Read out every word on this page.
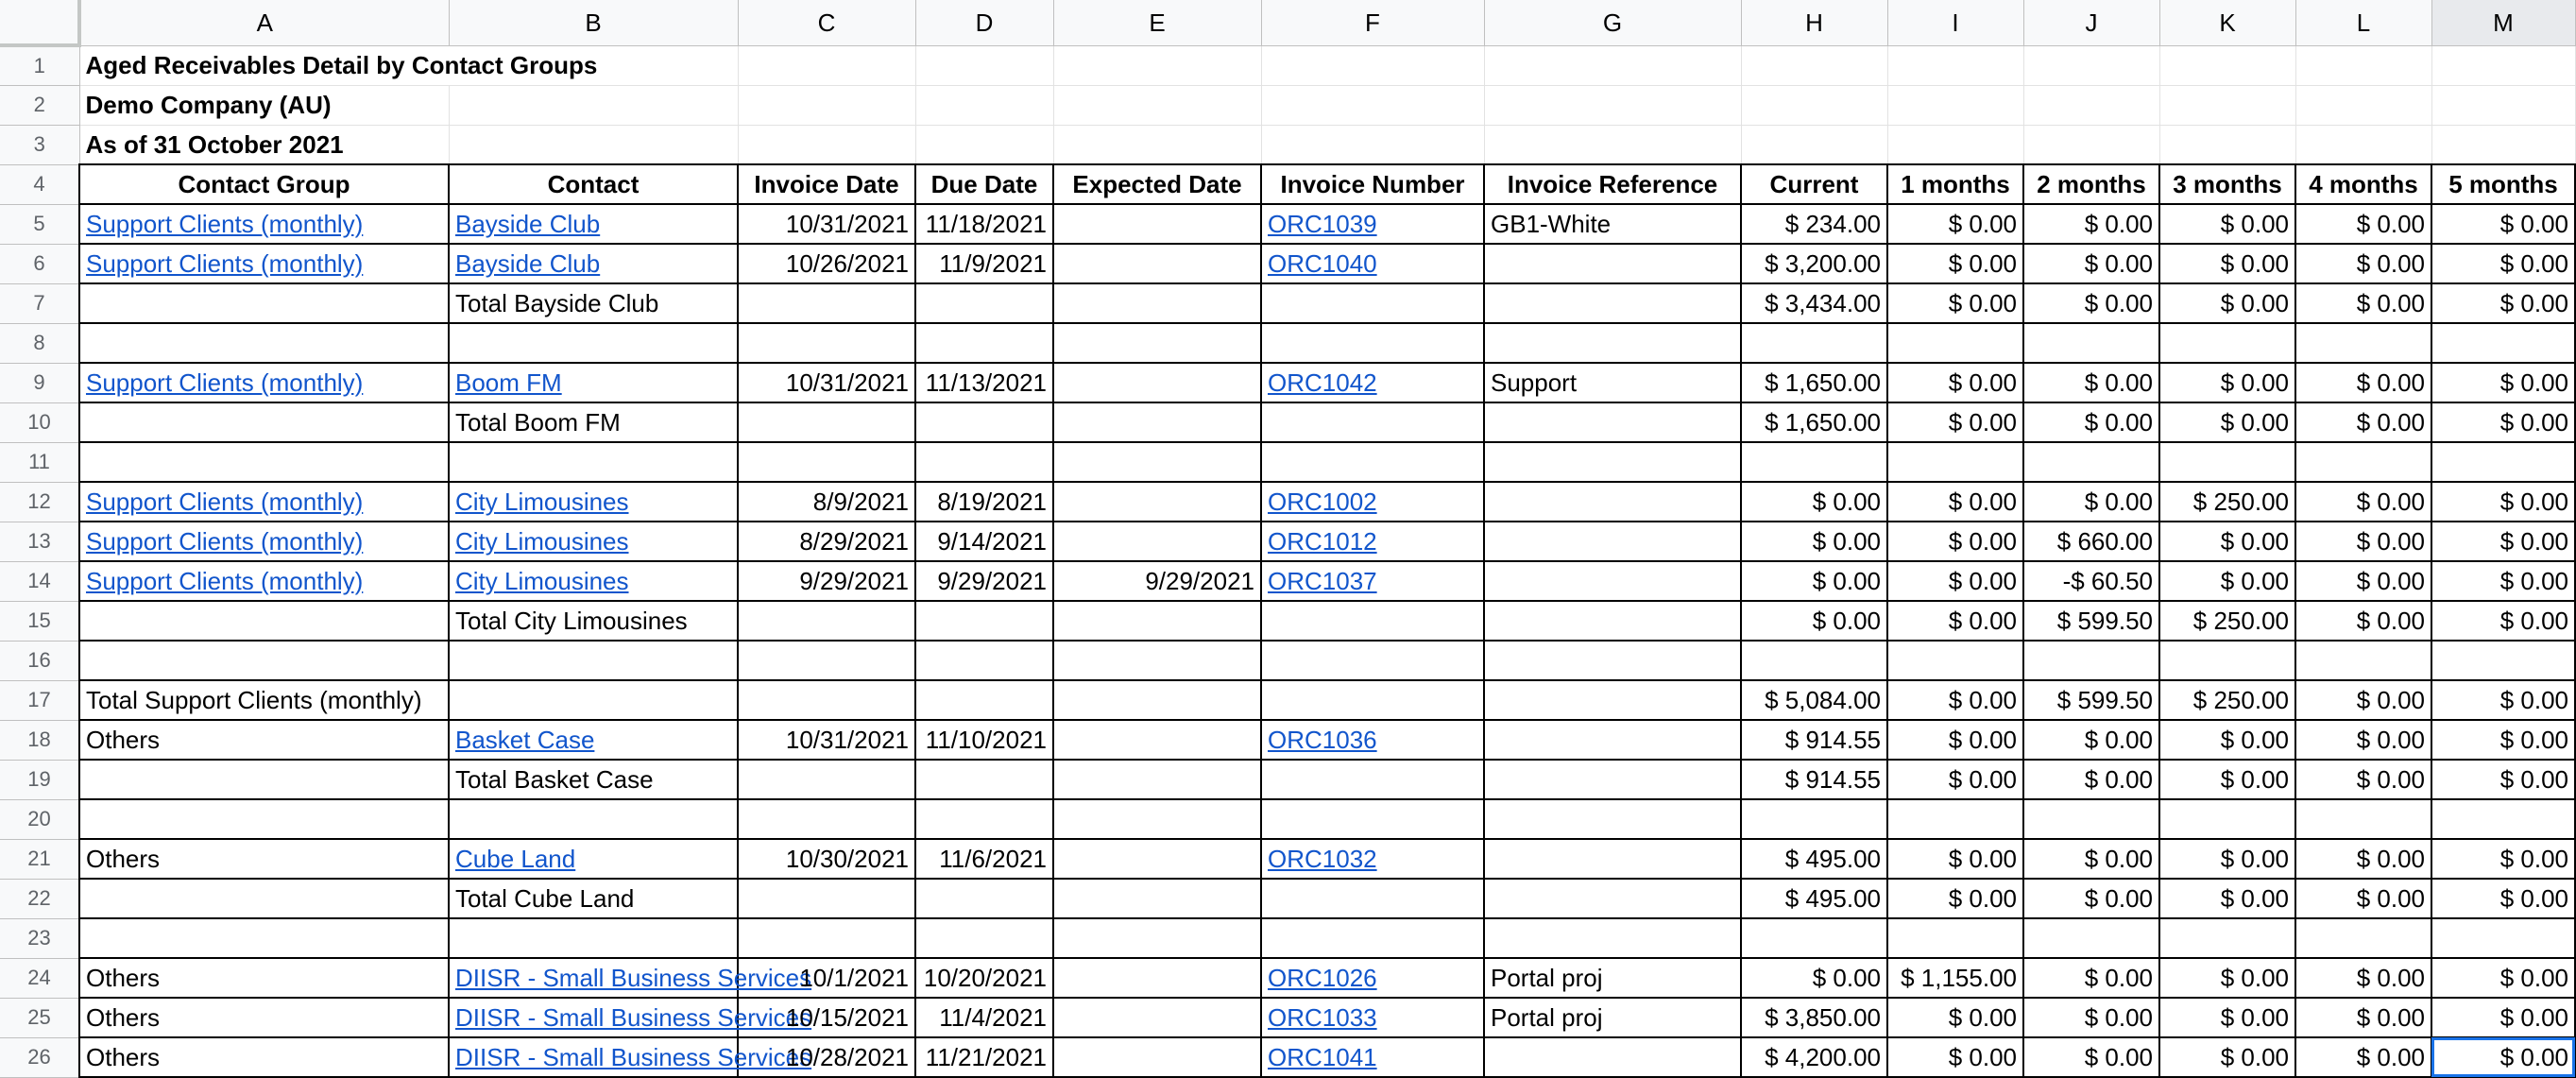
	A	B	C	D	E	F	G	H	I	J	K	L	M
1	Aged Receivables Detail by Contact Groups												
2	Demo Company (AU)												
3	As of 31 October 2021												
4	Contact Group	Contact	Invoice Date	Due Date	Expected Date	Invoice Number	Invoice Reference	Current	1 months	2 months	3 months	4 months	5 months
5	Support Clients (monthly)	Bayside Club	10/31/2021	11/18/2021		ORC1039	GB1-White	$ 234.00	$ 0.00	$ 0.00	$ 0.00	$ 0.00	$ 0.00
6	Support Clients (monthly)	Bayside Club	10/26/2021	11/9/2021		ORC1040		$ 3,200.00	$ 0.00	$ 0.00	$ 0.00	$ 0.00	$ 0.00
7		Total Bayside Club						$ 3,434.00	$ 0.00	$ 0.00	$ 0.00	$ 0.00	$ 0.00
8													
9	Support Clients (monthly)	Boom FM	10/31/2021	11/13/2021		ORC1042	Support	$ 1,650.00	$ 0.00	$ 0.00	$ 0.00	$ 0.00	$ 0.00
10		Total Boom FM						$ 1,650.00	$ 0.00	$ 0.00	$ 0.00	$ 0.00	$ 0.00
11													
12	Support Clients (monthly)	City Limousines	8/9/2021	8/19/2021		ORC1002		$ 0.00	$ 0.00	$ 0.00	$ 250.00	$ 0.00	$ 0.00
13	Support Clients (monthly)	City Limousines	8/29/2021	9/14/2021		ORC1012		$ 0.00	$ 0.00	$ 660.00	$ 0.00	$ 0.00	$ 0.00
14	Support Clients (monthly)	City Limousines	9/29/2021	9/29/2021	9/29/2021	ORC1037		$ 0.00	$ 0.00	-$ 60.50	$ 0.00	$ 0.00	$ 0.00
15		Total City Limousines						$ 0.00	$ 0.00	$ 599.50	$ 250.00	$ 0.00	$ 0.00
16													
17	Total Support Clients (monthly)							$ 5,084.00	$ 0.00	$ 599.50	$ 250.00	$ 0.00	$ 0.00
18	Others	Basket Case	10/31/2021	11/10/2021		ORC1036		$ 914.55	$ 0.00	$ 0.00	$ 0.00	$ 0.00	$ 0.00
19		Total Basket Case						$ 914.55	$ 0.00	$ 0.00	$ 0.00	$ 0.00	$ 0.00
20													
21	Others	Cube Land	10/30/2021	11/6/2021		ORC1032		$ 495.00	$ 0.00	$ 0.00	$ 0.00	$ 0.00	$ 0.00
22		Total Cube Land						$ 495.00	$ 0.00	$ 0.00	$ 0.00	$ 0.00	$ 0.00
23													
24	Others	DIISR - Small Business Services	10/1/2021	10/20/2021		ORC1026	Portal proj	$ 0.00	$ 1,155.00	$ 0.00	$ 0.00	$ 0.00	$ 0.00
25	Others	DIISR - Small Business Services	10/15/2021	11/4/2021		ORC1033	Portal proj	$ 3,850.00	$ 0.00	$ 0.00	$ 0.00	$ 0.00	$ 0.00
26	Others	DIISR - Small Business Services	10/28/2021	11/21/2021		ORC1041		$ 4,200.00	$ 0.00	$ 0.00	$ 0.00	$ 0.00	$ 0.00
